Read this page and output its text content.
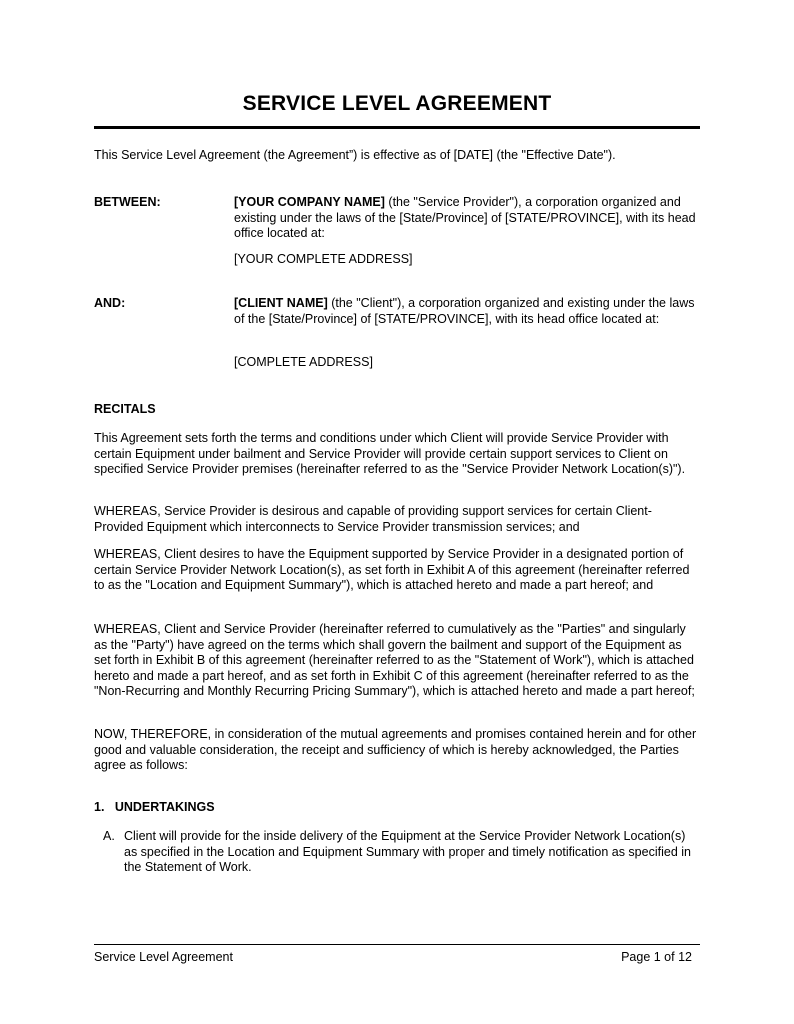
SERVICE LEVEL AGREEMENT
This Service Level Agreement (the Agreement”) is effective as of [DATE] (the "Effective Date").
BETWEEN:	[YOUR COMPANY NAME] (the "Service Provider"), a corporation organized and existing under the laws of the [State/Province] of [STATE/PROVINCE], with its head office located at:
[YOUR COMPLETE ADDRESS]
AND:	[CLIENT NAME] (the "Client"), a corporation organized and existing under the laws of the [State/Province] of [STATE/PROVINCE], with its head office located at:
[COMPLETE ADDRESS]
RECITALS
This Agreement sets forth the terms and conditions under which Client will provide Service Provider with certain Equipment under bailment and Service Provider will provide certain support services to Client on specified Service Provider premises (hereinafter referred to as the "Service Provider Network Location(s)").
WHEREAS, Service Provider is desirous and capable of providing support services for certain Client-Provided Equipment which interconnects to Service Provider transmission services; and
WHEREAS, Client desires to have the Equipment supported by Service Provider in a designated portion of certain Service Provider Network Location(s), as set forth in Exhibit A of this agreement (hereinafter referred to as the "Location and Equipment Summary"), which is attached hereto and made a part hereof; and
WHEREAS, Client and Service Provider (hereinafter referred to cumulatively as the "Parties" and singularly as the "Party") have agreed on the terms which shall govern the bailment and support of the Equipment as set forth in Exhibit B of this agreement (hereinafter referred to as the "Statement of Work"), which is attached hereto and made a part hereof, and as set forth in Exhibit C of this agreement (hereinafter referred to as the "Non-Recurring and Monthly Recurring Pricing Summary"), which is attached hereto and made a part hereof;
NOW, THEREFORE, in consideration of the mutual agreements and promises contained herein and for other good and valuable consideration, the receipt and sufficiency of which is hereby acknowledged, the Parties agree as follows:
1.   UNDERTAKINGS
A. Client will provide for the inside delivery of the Equipment at the Service Provider Network Location(s) as specified in the Location and Equipment Summary with proper and timely notification as specified in the Statement of Work.
Service Level Agreement	Page 1 of 12
